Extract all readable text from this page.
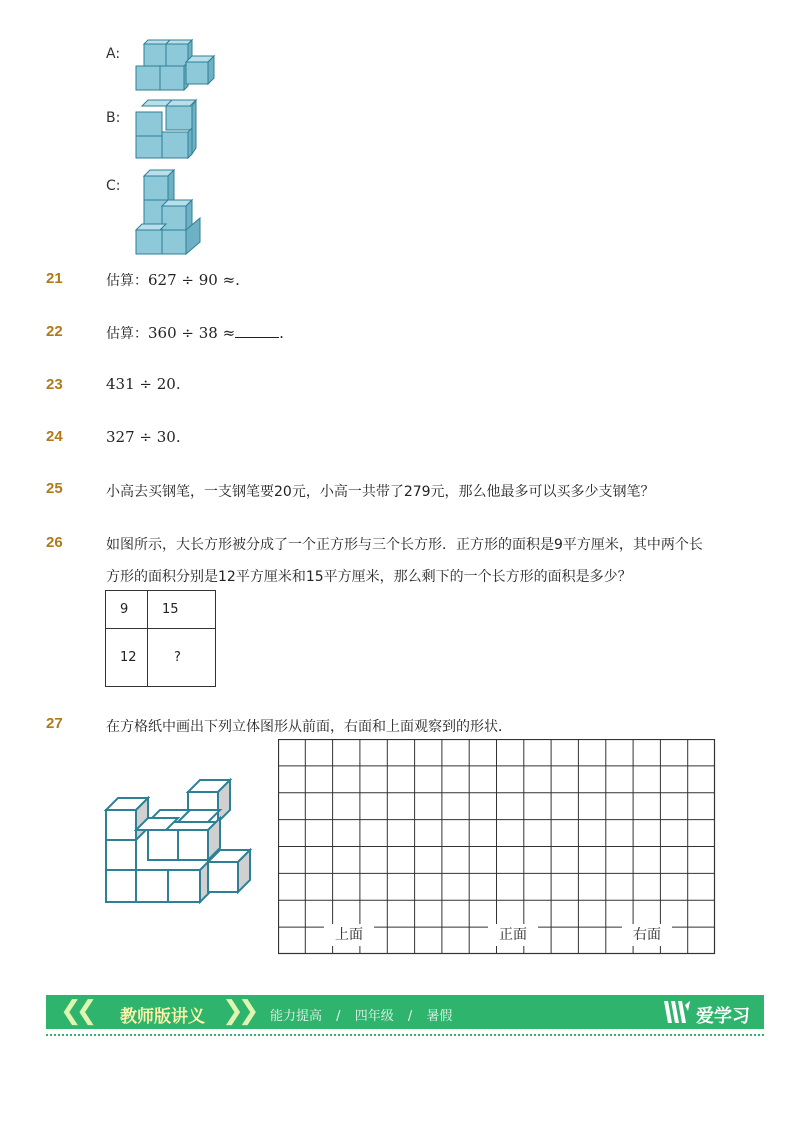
A:
B:
C:
21	估算：627 ÷ 90 ≈.
22	估算：360 ÷ 38 ≈	.
23	431 ÷ 20.
24	327 ÷ 30.
25	小高去买钢笔，一支钢笔要20元，小高一共带了279元，那么他最多可以买多少支钢笔？
26	如图所示，大长方形被分成了一个正方形与三个长方形．正方形的面积是9平方厘米，其中两个长
方形的面积分别是12平方厘米和15平方厘米，那么剩下的一个长方形的面积是多少？
9	15
12	?
27	在方格纸中画出下列立体图形从前面，右面和上面观察到的形状．
上面	正面	右面
❮❮ 教师版讲义 ❯❯ 能力提高 / 四年级 / 暑假	爱学习
